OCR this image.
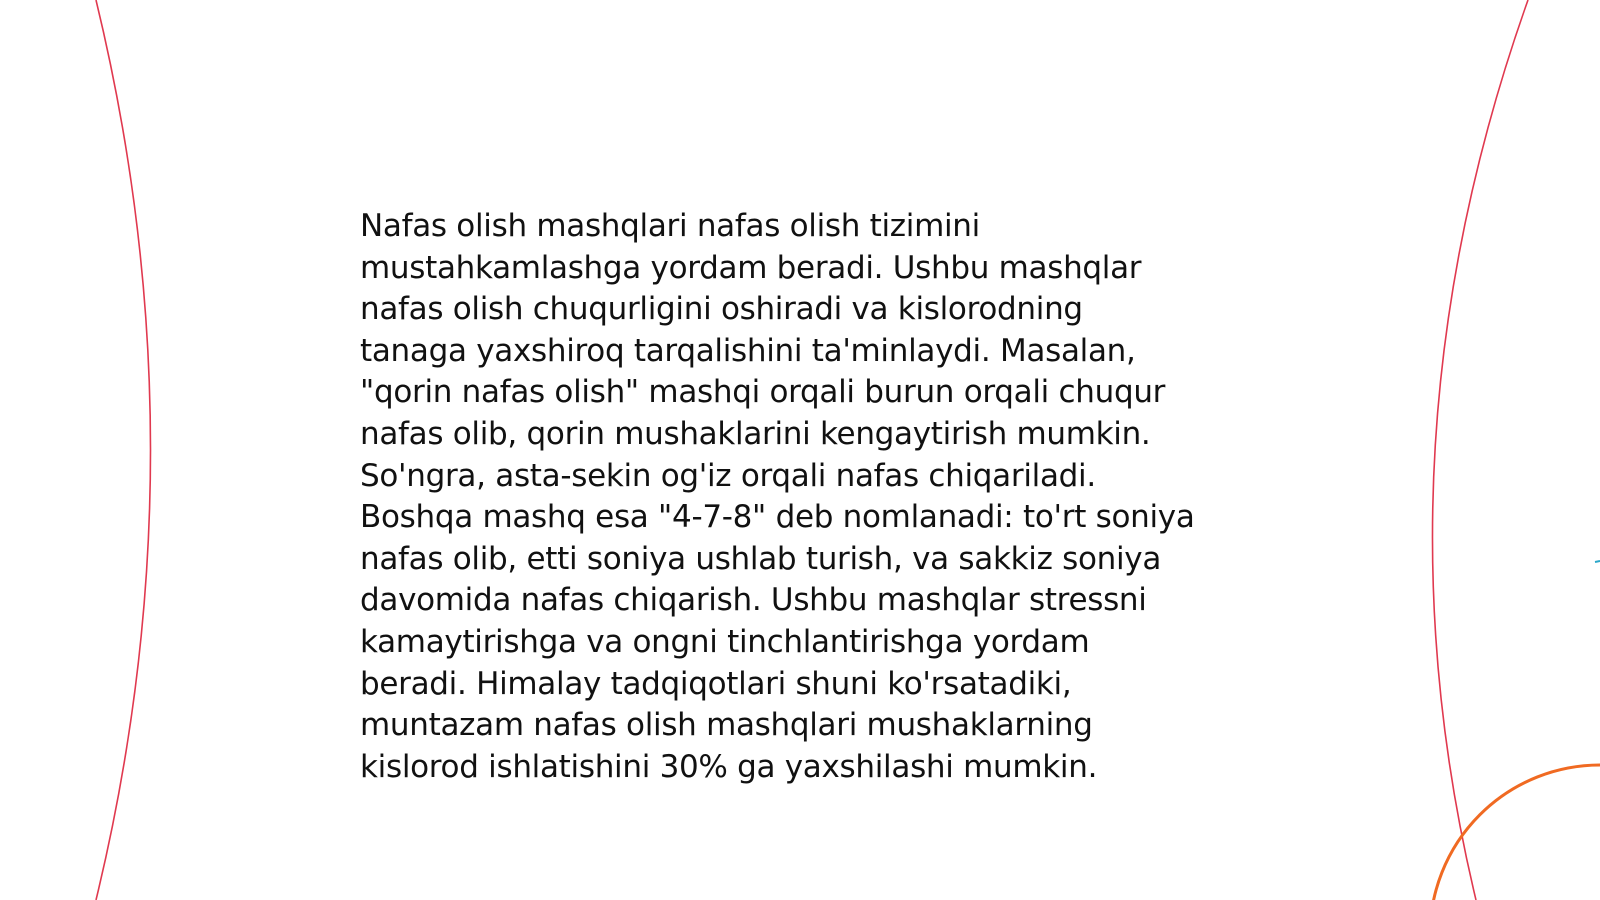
Nafas olish mashqlari nafas olish tizimini
mustahkamlashga yordam beradi. Ushbu mashqlar
nafas olish chuqurligini oshiradi va kislorodning
tanaga yaxshiroq tarqalishini ta'minlaydi. Masalan,
"qorin nafas olish" mashqi orqali burun orqali chuqur
nafas olib, qorin mushaklarini kengaytirish mumkin.
So'ngra, asta-sekin og'iz orqali nafas chiqariladi.
Boshqa mashq esa "4-7-8" deb nomlanadi: to'rt soniya
nafas olib, etti soniya ushlab turish, va sakkiz soniya
davomida nafas chiqarish. Ushbu mashqlar stressni
kamaytirishga va ongni tinchlantirishga yordam
beradi. Himalay tadqiqotlari shuni ko'rsatadiki,
muntazam nafas olish mashqlari mushaklarning
kislorod ishlatishini 30% ga yaxshilashi mumkin.
